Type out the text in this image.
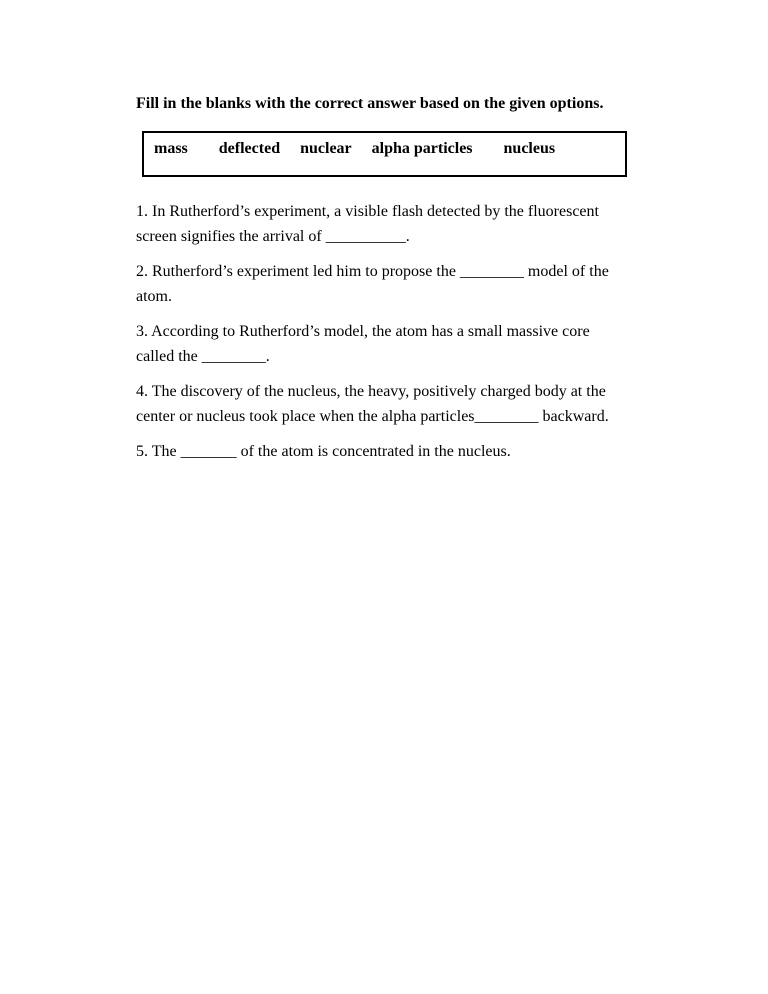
Fill in the blanks with the correct answer based on the given options.

mass deflected nuclear alpha particles nucleus

1. In Rutherford’s experiment, a visible flash detected by the fluorescent
screen signifies the arrival of __________.

2. Rutherford’s experiment led him to propose the ________ model of the
atom.

3. According to Rutherford’s model, the atom has a small massive core
called the ________.

4. The discovery of the nucleus, the heavy, positively charged body at the
center or nucleus took place when the alpha particles________ backward.

5. The _______ of the atom is concentrated in the nucleus.
